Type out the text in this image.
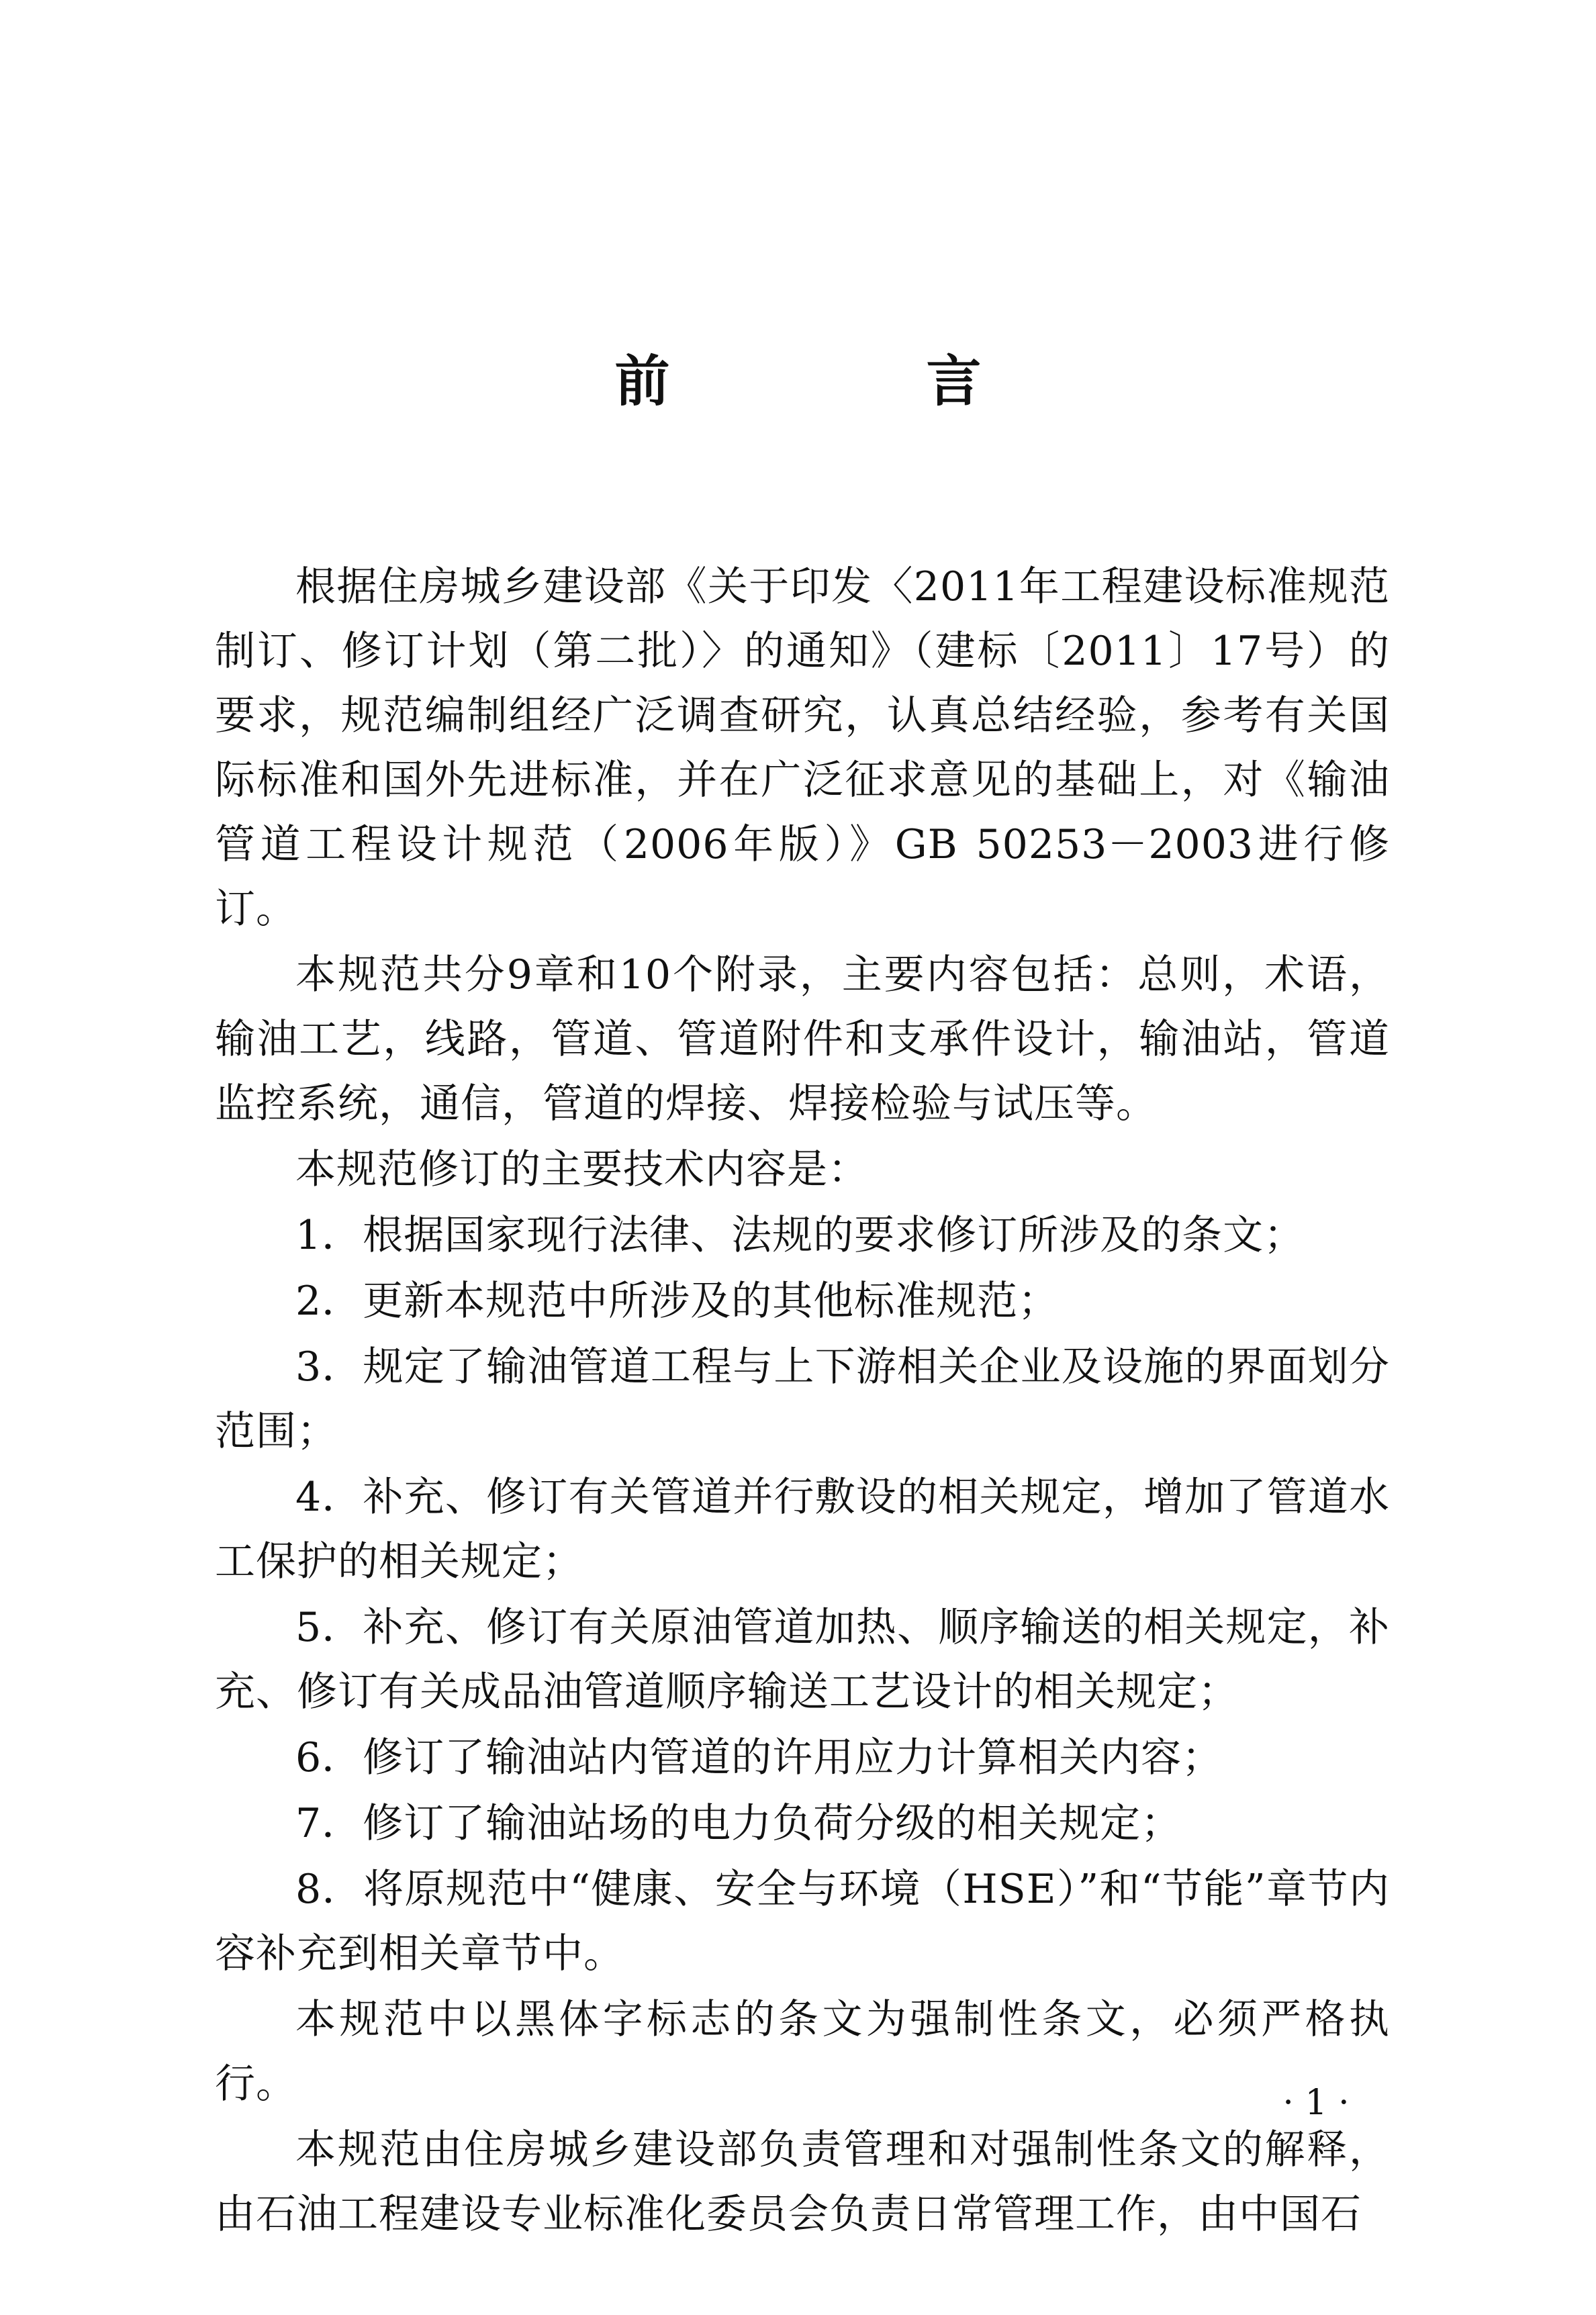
前　言

根据住房城乡建设部《关于印发〈2011年工程建设标准规范制订、修订计划（第二批）〉的通知》（建标〔2011〕17号）的要求，规范编制组经广泛调查研究，认真总结经验，参考有关国际标准和国外先进标准，并在广泛征求意见的基础上，对《输油管道工程设计规范（2006年版）》GB 50253－2003进行修订。

本规范共分9章和10个附录，主要内容包括：总则，术语，输油工艺，线路，管道、管道附件和支承件设计，输油站，管道监控系统，通信，管道的焊接、焊接检验与试压等。

本规范修订的主要技术内容是：

1．根据国家现行法律、法规的要求修订所涉及的条文；

2．更新本规范中所涉及的其他标准规范；

3．规定了输油管道工程与上下游相关企业及设施的界面划分范围；

4．补充、修订有关管道并行敷设的相关规定，增加了管道水工保护的相关规定；

5．补充、修订有关原油管道加热、顺序输送的相关规定，补充、修订有关成品油管道顺序输送工艺设计的相关规定；

6．修订了输油站内管道的许用应力计算相关内容；

7．修订了输油站场的电力负荷分级的相关规定；

8．将原规范中“健康、安全与环境（HSE）”和“节能”章节内容补充到相关章节中。

本规范中以黑体字标志的条文为强制性条文，必须严格执行。

本规范由住房城乡建设部负责管理和对强制性条文的解释，由石油工程建设专业标准化委员会负责日常管理工作，由中国石

· 1 ·
